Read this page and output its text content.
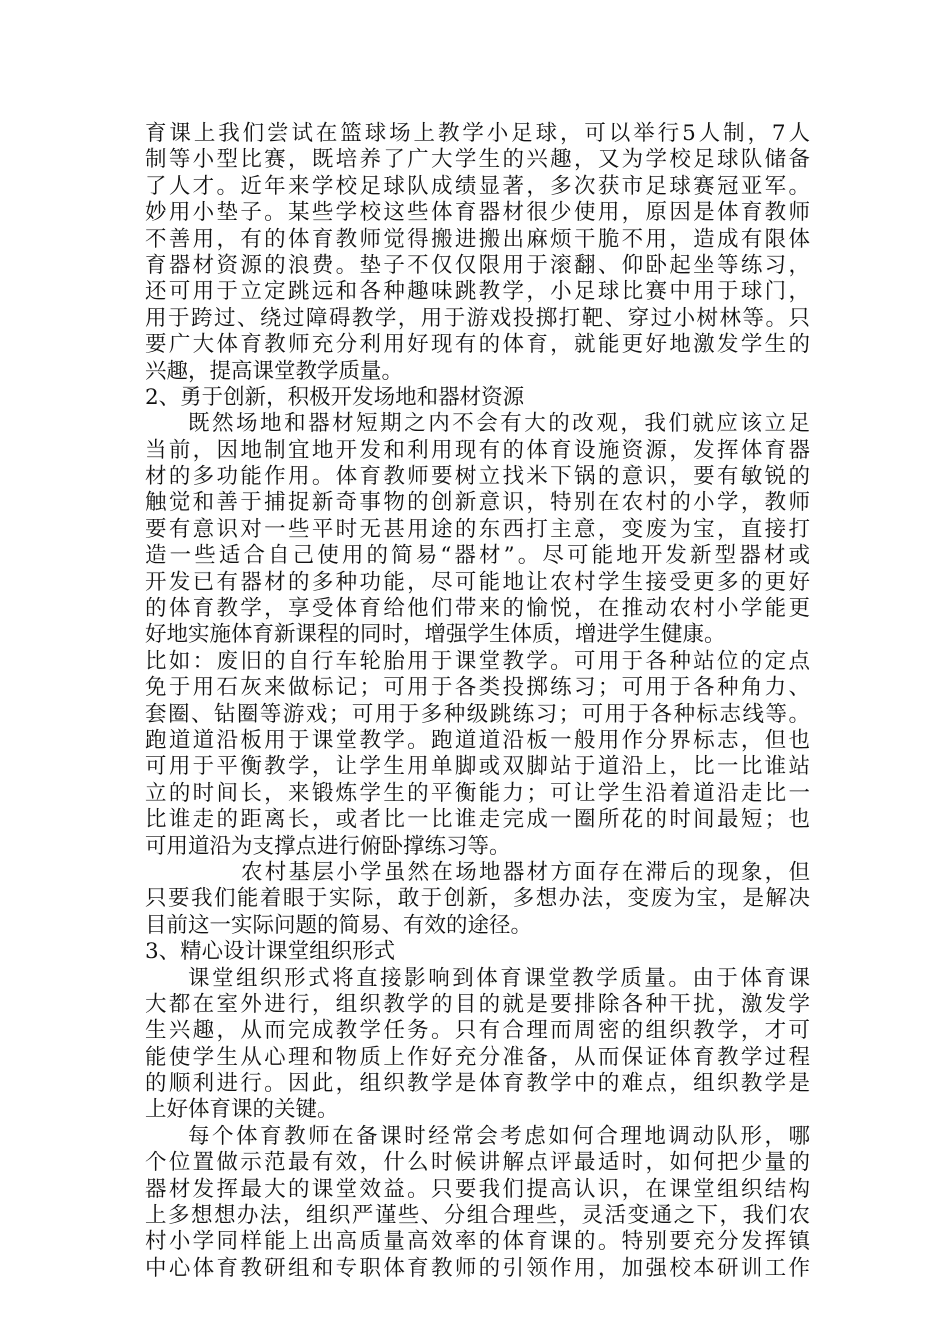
育课上我们尝试在篮球场上教学小足球，可以举行5人制，7人
制等小型比赛，既培养了广大学生的兴趣，又为学校足球队储备
了人才。近年来学校足球队成绩显著，多次获市足球赛冠亚军。
妙用小垫子。某些学校这些体育器材很少使用，原因是体育教师
不善用，有的体育教师觉得搬进搬出麻烦干脆不用，造成有限体
育器材资源的浪费。垫子不仅仅限用于滚翻、仰卧起坐等练习，
还可用于立定跳远和各种趣味跳教学，小足球比赛中用于球门，
用于跨过、绕过障碍教学，用于游戏投掷打靶、穿过小树林等。只
要广大体育教师充分利用好现有的体育，就能更好地激发学生的
兴趣，提高课堂教学质量。
2、勇于创新，积极开发场地和器材资源
既然场地和器材短期之内不会有大的改观，我们就应该立足
当前，因地制宜地开发和利用现有的体育设施资源，发挥体育器
材的多功能作用。体育教师要树立找米下锅的意识，要有敏锐的
触觉和善于捕捉新奇事物的创新意识，特别在农村的小学，教师
要有意识对一些平时无甚用途的东西打主意，变废为宝，直接打
造一些适合自己使用的简易“器材”。尽可能地开发新型器材或
开发已有器材的多种功能，尽可能地让农村学生接受更多的更好
的体育教学，享受体育给他们带来的愉悦，在推动农村小学能更
好地实施体育新课程的同时，增强学生体质，增进学生健康。
比如：废旧的自行车轮胎用于课堂教学。可用于各种站位的定点
免于用石灰来做标记；可用于各类投掷练习；可用于各种角力、
套圈、钻圈等游戏；可用于多种级跳练习；可用于各种标志线等。
跑道道沿板用于课堂教学。跑道道沿板一般用作分界标志，但也
可用于平衡教学，让学生用单脚或双脚站于道沿上，比一比谁站
立的时间长，来锻炼学生的平衡能力；可让学生沿着道沿走比一
比谁走的距离长，或者比一比谁走完成一圈所花的时间最短；也
可用道沿为支撑点进行俯卧撑练习等。
农村基层小学虽然在场地器材方面存在滞后的现象，但
只要我们能着眼于实际，敢于创新，多想办法，变废为宝，是解决
目前这一实际问题的简易、有效的途径。
3、精心设计课堂组织形式
课堂组织形式将直接影响到体育课堂教学质量。由于体育课
大都在室外进行，组织教学的目的就是要排除各种干扰，激发学
生兴趣，从而完成教学任务。只有合理而周密的组织教学，才可
能使学生从心理和物质上作好充分准备，从而保证体育教学过程
的顺利进行。因此，组织教学是体育教学中的难点，组织教学是
上好体育课的关键。
每个体育教师在备课时经常会考虑如何合理地调动队形，哪
个位置做示范最有效，什么时候讲解点评最适时，如何把少量的
器材发挥最大的课堂效益。只要我们提高认识，在课堂组织结构
上多想想办法，组织严谨些、分组合理些，灵活变通之下，我们农
村小学同样能上出高质量高效率的体育课的。特别要充分发挥镇
中心体育教研组和专职体育教师的引领作用，加强校本研训工作
